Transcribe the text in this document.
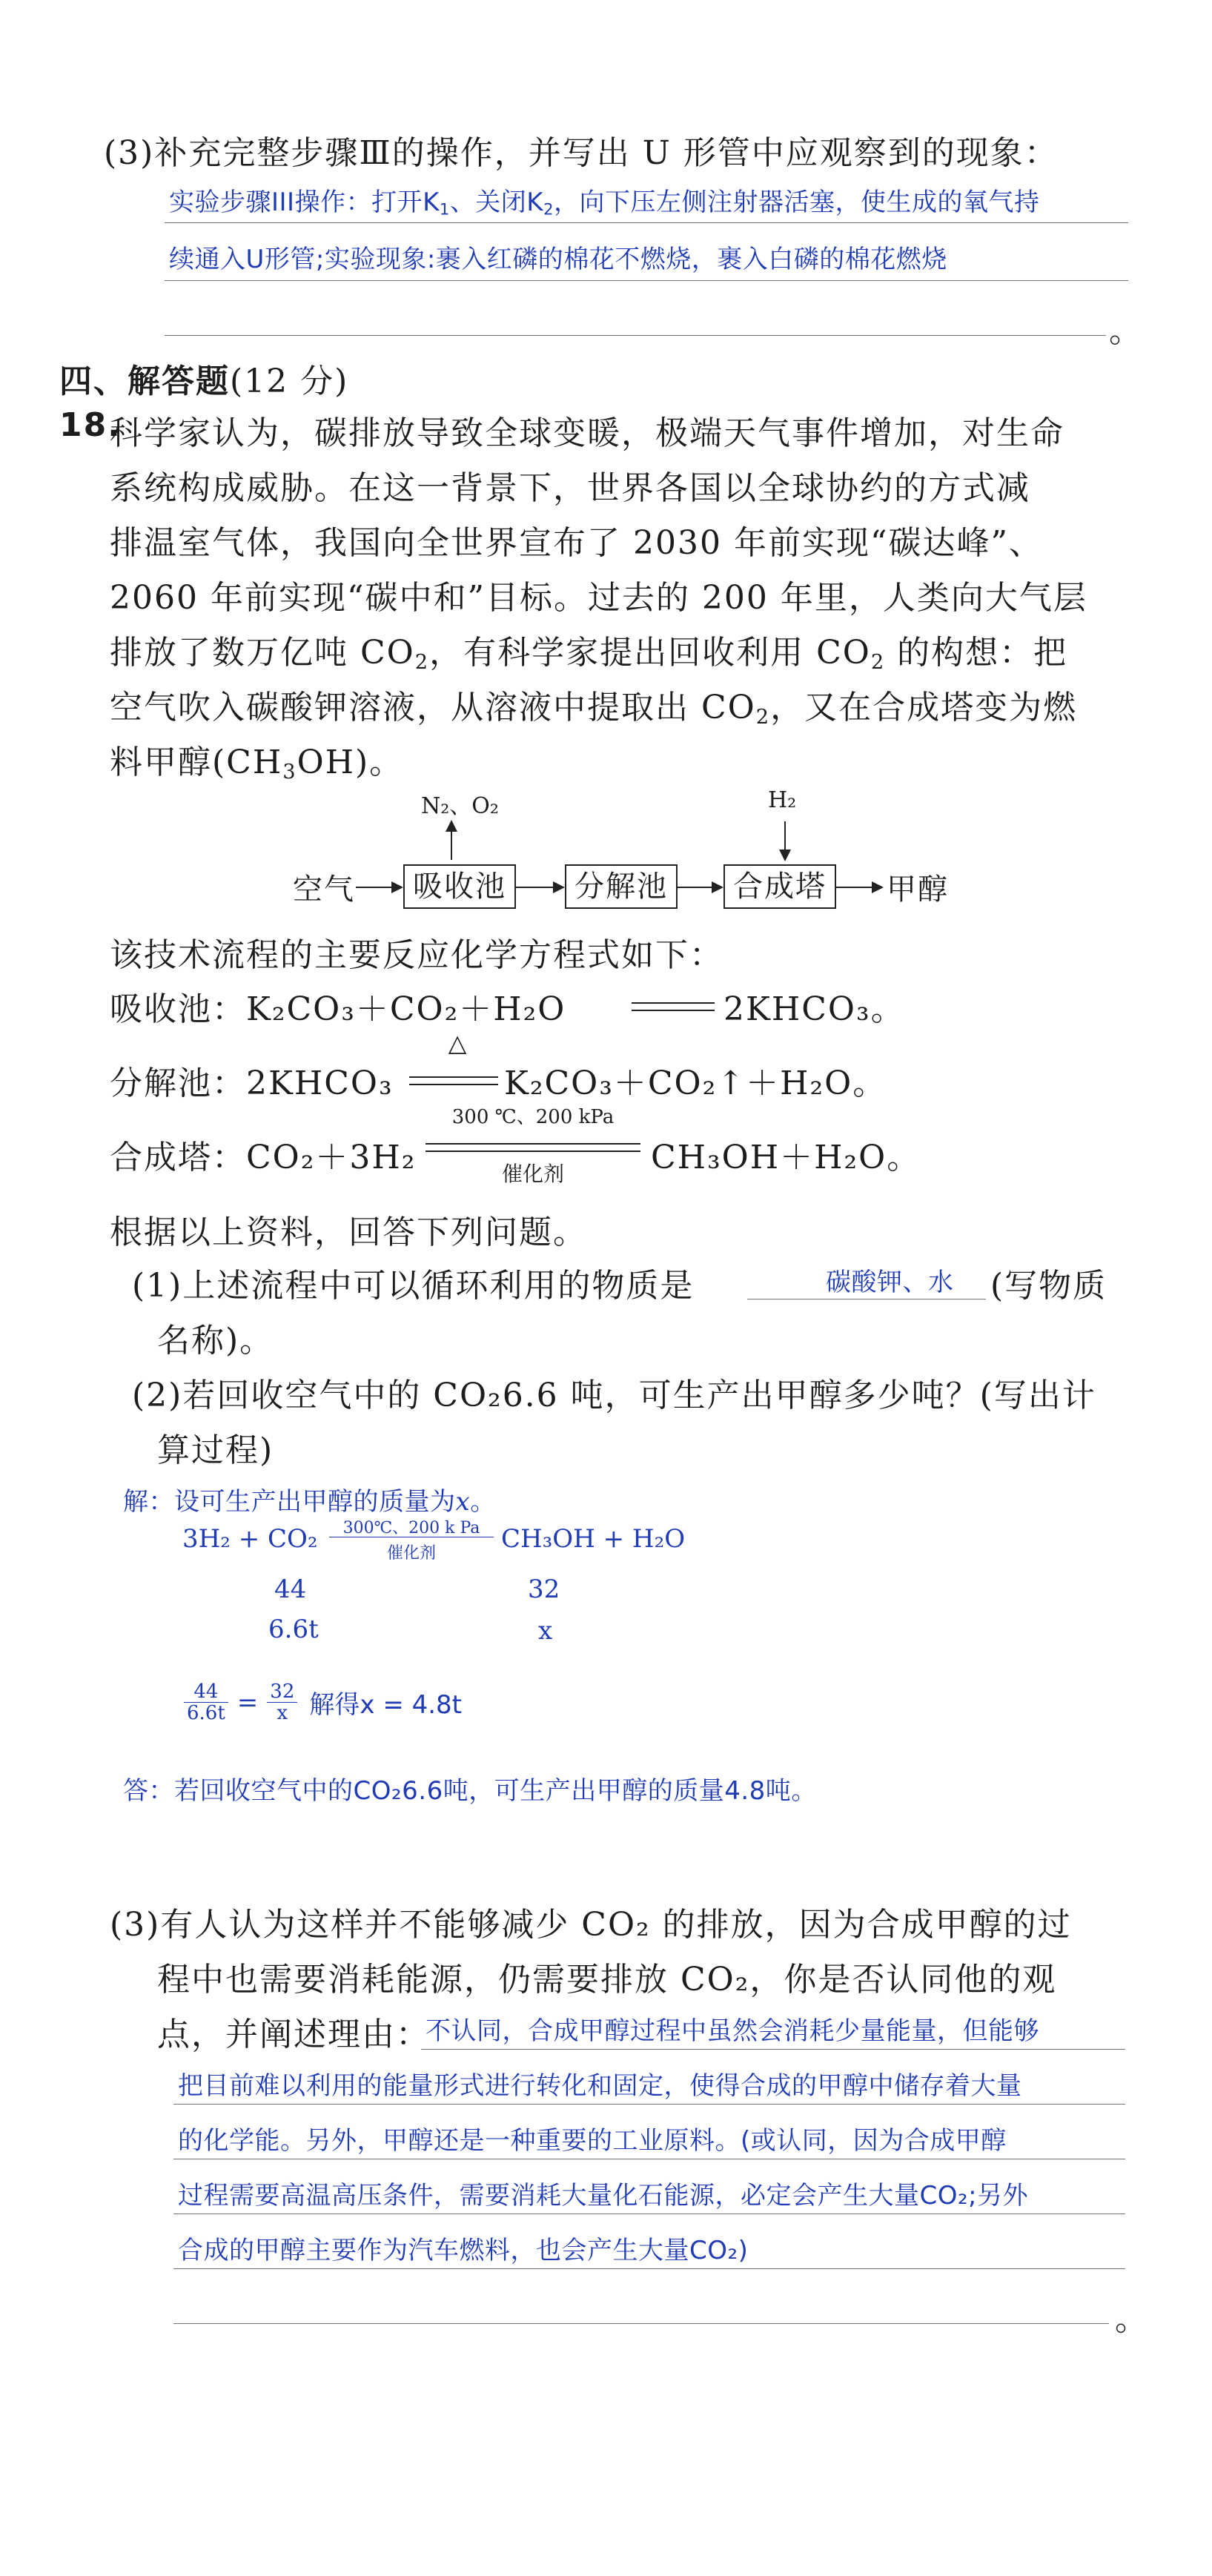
(3)补充完整步骤Ⅲ的操作，并写出 U 形管中应观察到的现象：
实验步骤III操作：打开$K_1$、关闭$K_2$，向下压左侧注射器活塞，使生成的氧气持
续通入U形管;实验现象:裹入红磷的棉花不燃烧，裹入白磷的棉花燃烧
。
四、解答题(12 分)
18.
科学家认为，碳排放导致全球变暖，极端天气事件增加，对生命
系统构成威胁。在这一背景下，世界各国以全球协约的方式减
排温室气体，我国向全世界宣布了 2030 年前实现“碳达峰”、
2060 年前实现“碳中和”目标。过去的 200 年里，人类向大气层
排放了数万亿吨 $CO_2$，有科学家提出回收利用 $CO_2$ 的构想：把
空气吹入碳酸钾溶液，从溶液中提取出 $CO_2$，又在合成塔变为燃
料甲醇$(CH_3OH)$。
N₂、O₂	H₂
空气	吸收池	分解池	合成塔	甲醇
该技术流程的主要反应化学方程式如下：
吸收池：K₂CO₃＋CO₂＋H₂O	2KHCO₃。
分解池：2KHCO₃
△
K₂CO₃＋CO₂↑＋H₂O。
合成塔：CO₂＋3H₂
300 ℃、200 kPa
催化剂	CH₃OH＋H₂O。
根据以上资料，回答下列问题。
(1)上述流程中可以循环利用的物质是	碳酸钾、水 (写物质
名称)。
(2)若回收空气中的 CO₂6.6 吨，可生产出甲醇多少吨？(写出计
算过程)
解：设可生产出甲醇的质量为x。
3H₂ + CO₂	300℃、200 k Pa
催化剂	CH₃OH + H₂O
44	32
6.6t	x
$\frac{44}{6.6t} = \frac{32}{x}$ 解得x = 4.8t
答：若回收空气中的CO₂6.6吨，可生产出甲醇的质量4.8吨。
(3)有人认为这样并不能够减少 CO₂ 的排放，因为合成甲醇的过
程中也需要消耗能源，仍需要排放 CO₂，你是否认同他的观
点，并阐述理由：
不认同，合成甲醇过程中虽然会消耗少量能量，但能够
把目前难以利用的能量形式进行转化和固定，使得合成的甲醇中储存着大量
的化学能。另外，甲醇还是一种重要的工业原料。(或认同，因为合成甲醇
过程需要高温高压条件，需要消耗大量化石能源，必定会产生大量CO₂;另外
合成的甲醇主要作为汽车燃料，也会产生大量CO₂)
。
